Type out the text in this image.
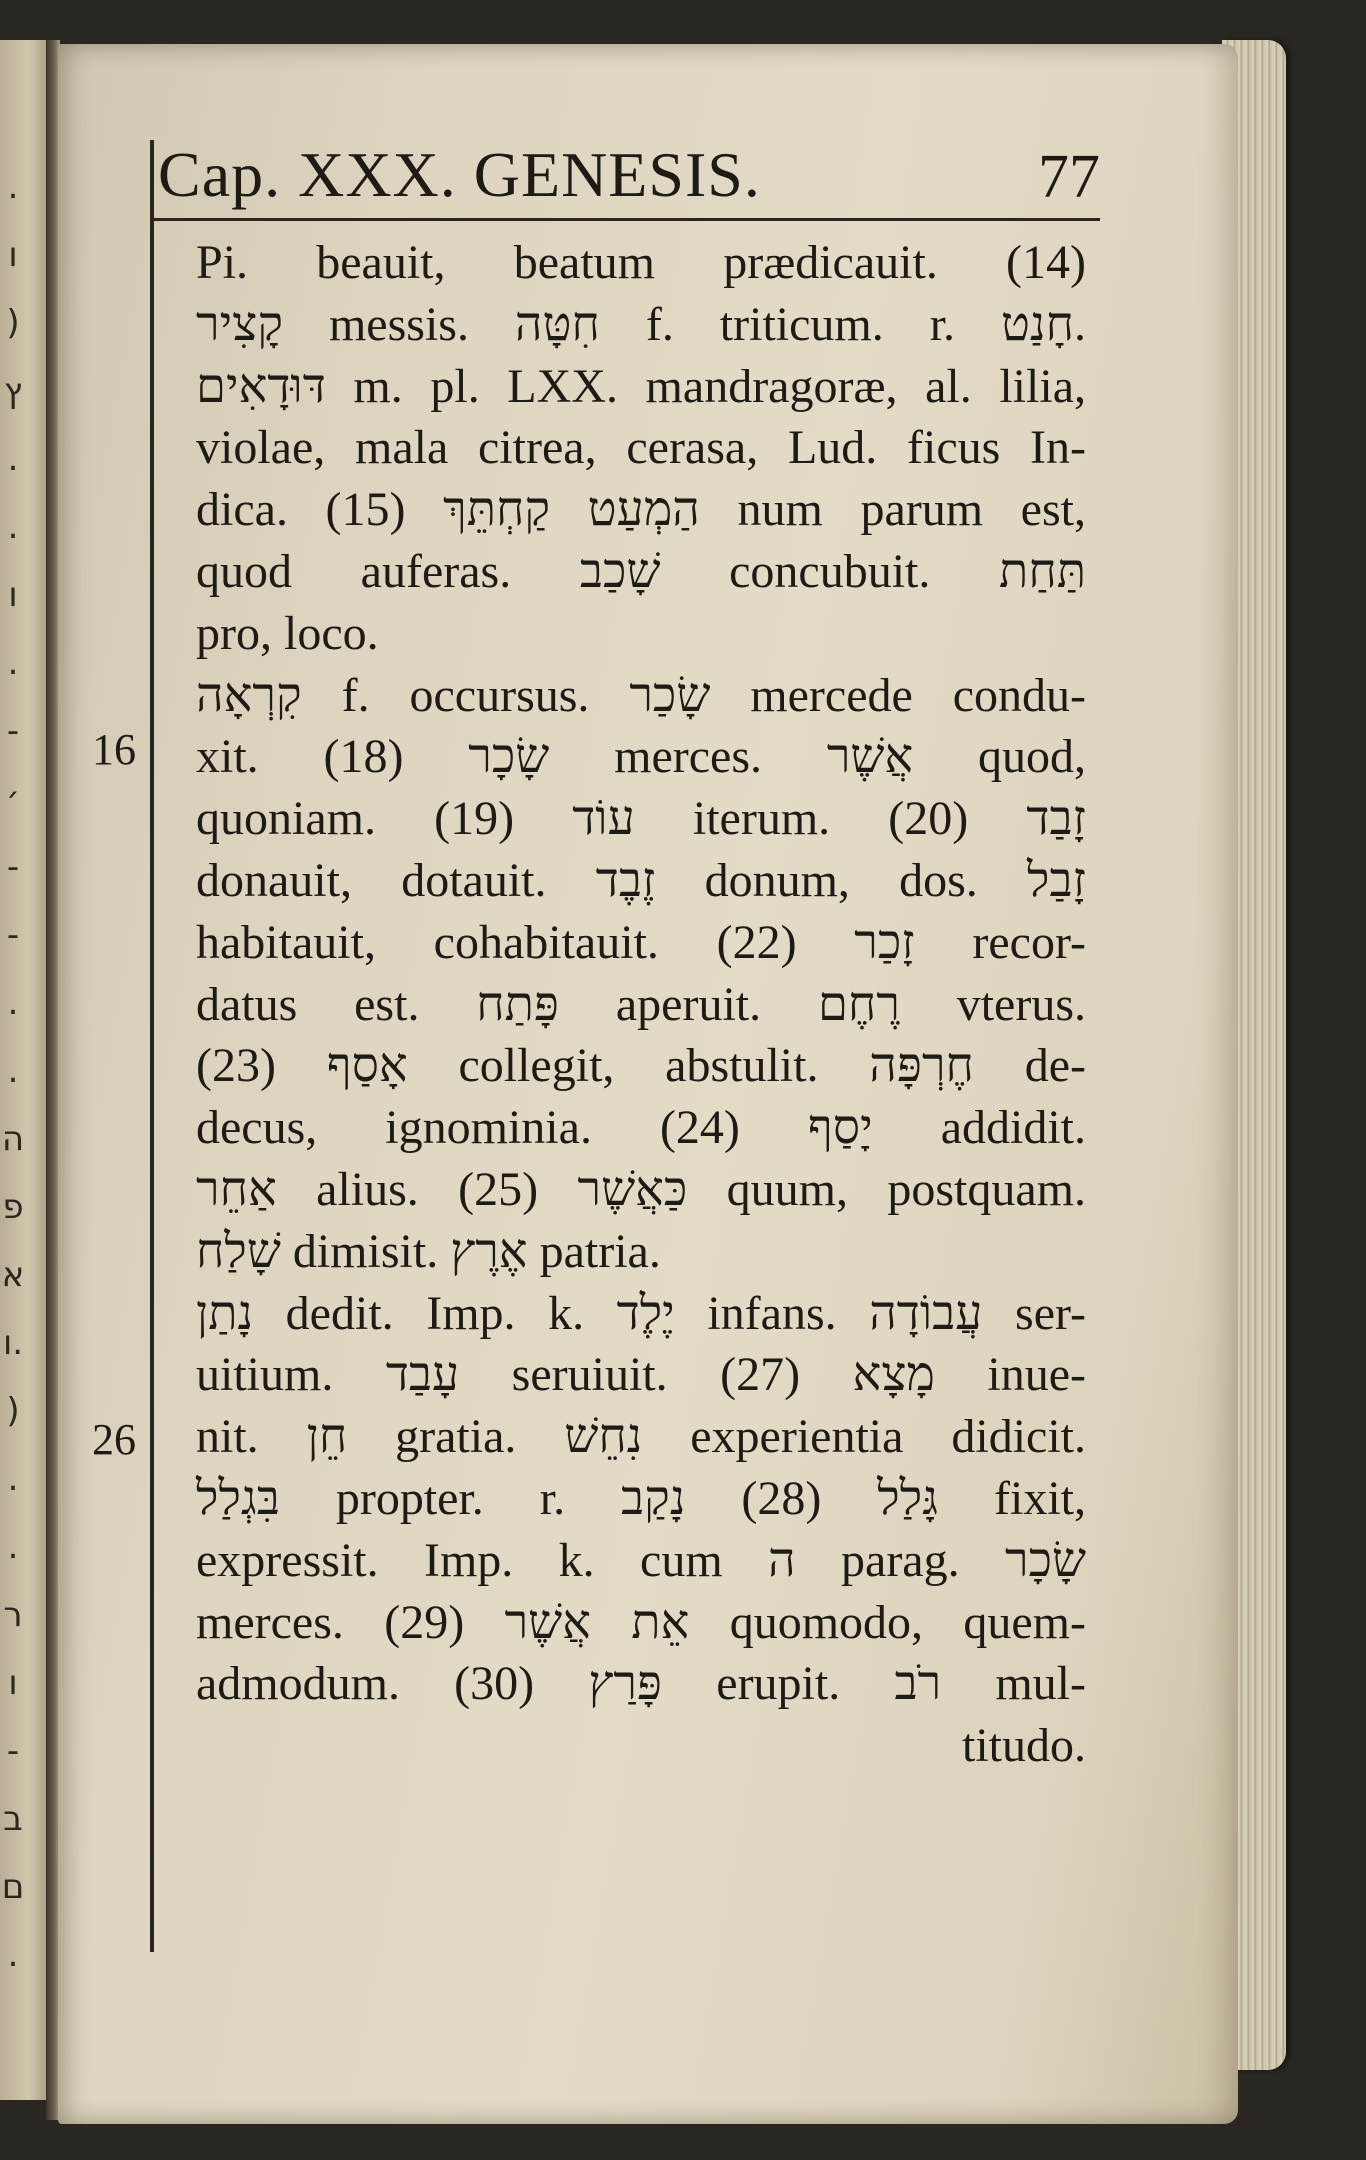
.
ו
)
ץ
.
.
ו
.
-
׳
-
-
.
.
ה
פ
א
ו.
)
.
.
ר
ו
-
ב
ם
.
Cap. XXX. GENESIS.	77
16
26
Pi. beauit, beatum prædicauit. (14)
קָצִיר messis. חִטָּה f. triticum. r. חָנַט.
דּוּדָאִים m. pl. LXX. mandragoræ, al. lilia,
violae, mala citrea, cerasa, Lud. ficus In-
dica. (15) הַמְעַט קַחְתֵּךְ num parum est,
quod auferas. שָׁכַב concubuit. תַּחַת
pro, loco.
קִרְאָה f. occursus. שָׂכַר mercede condu-
xit. (18) שָׂכָר merces. אֲשֶׁר quod,
quoniam. (19) עוֹד iterum. (20) זָבַד
donauit, dotauit. זֶבֶד donum, dos. זָבַל
habitauit, cohabitauit. (22) זָכַר recor-
datus est. פָּתַח aperuit. רֶחֶם vterus.
(23) אָסַף collegit, abstulit. חֶרְפָּה de-
decus, ignominia. (24) יָסַף addidit.
אַחֵר alius. (25) כַּאֲשֶׁר quum, postquam.
שָׁלַח dimisit. אֶרֶץ patria.
נָתַן dedit. Imp. k. יֶלֶד infans. עֲבוֹדָה ser-
uitium. עָבַד seruiuit. (27) מָצָא inue-
nit. חֵן gratia. נִחֵשׁ experientia didicit.
בִּגְלַל propter. r. גָּלַל (28) נָקַב fixit,
expressit. Imp. k. cum ה parag. שָׂכָר
merces. (29) אֵת אֲשֶׁר quomodo, quem-
admodum. (30) פָּרַץ erupit. רֹב mul-
titudo.
